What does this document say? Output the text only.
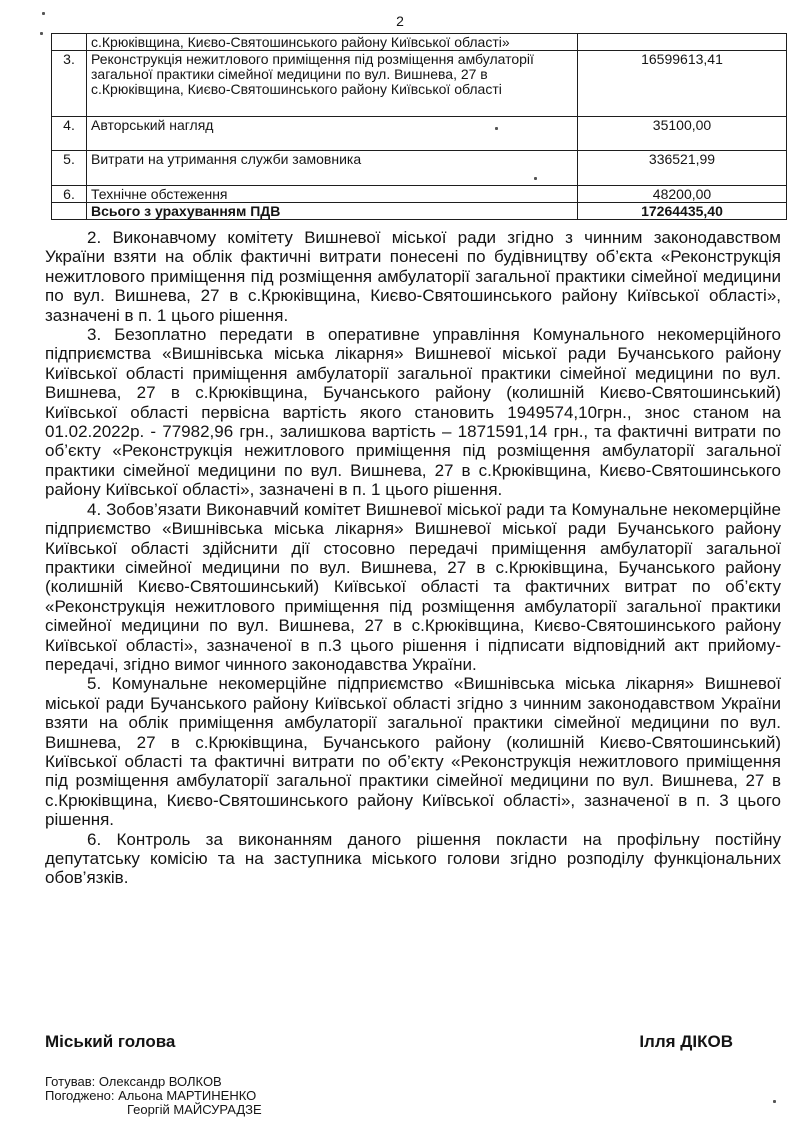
2
	с.Крюківщина, Києво-Святошинського району Київської області»	
3.	Реконструкція нежитлового приміщення під розміщення амбулаторії загальної практики сімейної медицини по вул. Вишнева, 27 в с.Крюківщина, Києво-Святошинського району Київської області	16599613,41
4.	Авторський нагляд	35100,00
5.	Витрати на утримання служби замовника	336521,99
6.	Технічне обстеження	48200,00
	Всього з урахуванням ПДВ	17264435,40

2. Виконавчому комітету Вишневої міської ради згідно з чинним законодавством України взяти на облік фактичні витрати понесені по будівництву об’єкта «Реконструкція нежитлового приміщення під розміщення амбулаторії загальної практики сімейної медицини по вул. Вишнева, 27 в с.Крюківщина, Києво-Святошинського району Київської області», зазначені в п. 1 цього рішення.

3. Безоплатно передати в оперативне управління Комунального некомерційного підприємства «Вишнівська міська лікарня» Вишневої міської ради Бучанського району Київської області приміщення амбулаторії загальної практики сімейної медицини по вул. Вишнева, 27 в с.Крюківщина, Бучанського району (колишній Києво-Святошинський) Київської області первісна вартість якого становить 1949574,10грн., знос станом на 01.02.2022р. - 77982,96 грн., залишкова вартість – 1871591,14 грн., та фактичні витрати по об’єкту «Реконструкція нежитлового приміщення під розміщення амбулаторії загальної практики сімейної медицини по вул. Вишнева, 27 в с.Крюківщина, Києво-Святошинського району Київської області», зазначені в п. 1 цього рішення.

4. Зобов’язати Виконавчий комітет Вишневої міської ради та Комунальне некомерційне підприємство «Вишнівська міська лікарня» Вишневої міської ради Бучанського району Київської області здійснити дії стосовно передачі приміщення амбулаторії загальної практики сімейної медицини по вул. Вишнева, 27 в с.Крюківщина, Бучанського району (колишній Києво-Святошинський) Київської області та фактичних витрат по об’єкту «Реконструкція нежитлового приміщення під розміщення амбулаторії загальної практики сімейної медицини по вул. Вишнева, 27 в с.Крюківщина, Києво-Святошинського району Київської області», зазначеної в п.3 цього рішення і підписати відповідний акт прийому-передачі, згідно вимог чинного законодавства України.

5. Комунальне некомерційне підприємство «Вишнівська міська лікарня» Вишневої міської ради Бучанського району Київської області згідно з чинним законодавством України взяти на облік приміщення амбулаторії загальної практики сімейної медицини по вул. Вишнева, 27 в с.Крюківщина, Бучанського району (колишній Києво-Святошинський) Київської області та фактичні витрати по об’єкту «Реконструкція нежитлового приміщення під розміщення амбулаторії загальної практики сімейної медицини по вул. Вишнева, 27 в с.Крюківщина, Києво-Святошинського району Київської області», зазначеної в п. 3 цього рішення.

6. Контроль за виконанням даного рішення покласти на профільну постійну депутатську комісію та на заступника міського голови згідно розподілу функціональних обов’язків.

Міський голова	Ілля ДІКОВ
Готував: Олександр ВОЛКОВ
Погоджено: Альона МАРТИНЕНКО
Георгій МАЙСУРАДЗЕ
